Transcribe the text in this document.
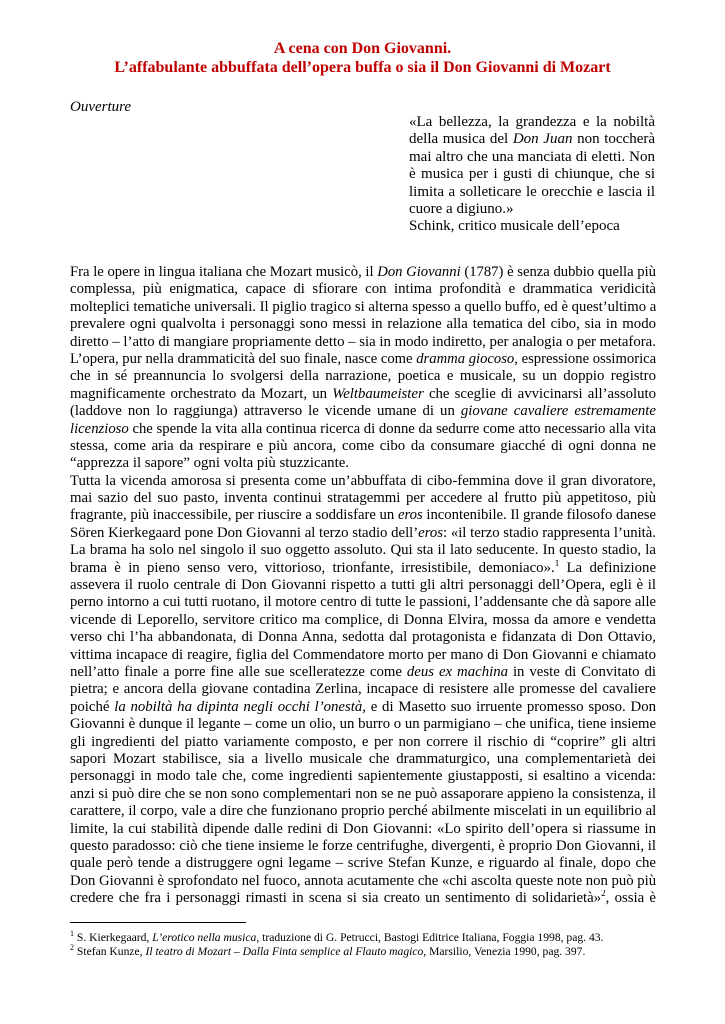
A cena con Don Giovanni.
L’affabulante abbuffata dell’opera buffa o sia il Don Giovanni di Mozart
Ouverture
«La bellezza, la grandezza e la nobiltà
della musica del Don Juan non toccherà
mai altro che una manciata di eletti. Non
è musica per i gusti di chiunque, che si
limita a solleticare le orecchie e lascia il
cuore a digiuno.»
Schink, critico musicale dell’epoca
Fra le opere in lingua italiana che Mozart musicò, il Don Giovanni (1787) è senza dubbio quella più
complessa, più enigmatica, capace di sfiorare con intima profondità e drammatica veridicità
molteplici tematiche universali. Il piglio tragico si alterna spesso a quello buffo, ed è quest’ultimo a
prevalere ogni qualvolta i personaggi sono messi in relazione alla tematica del cibo, sia in modo
diretto – l’atto di mangiare propriamente detto – sia in modo indiretto, per analogia o per metafora.
L’opera, pur nella drammaticità del suo finale, nasce come dramma giocoso, espressione ossimorica
che in sé preannuncia lo svolgersi della narrazione, poetica e musicale, su un doppio registro
magnificamente orchestrato da Mozart, un Weltbaumeister che sceglie di avvicinarsi all’assoluto
(laddove non lo raggiunga) attraverso le vicende umane di un giovane cavaliere estremamente
licenzioso che spende la vita alla continua ricerca di donne da sedurre come atto necessario alla vita
stessa, come aria da respirare e più ancora, come cibo da consumare giacché di ogni donna ne
“apprezza il sapore” ogni volta più stuzzicante.
Tutta la vicenda amorosa si presenta come un’abbuffata di cibo-femmina dove il gran divoratore,
mai sazio del suo pasto, inventa continui stratagemmi per accedere al frutto più appetitoso, più
fragrante, più inaccessibile, per riuscire a soddisfare un eros incontenibile. Il grande filosofo danese
Sören Kierkegaard pone Don Giovanni al terzo stadio dell’eros: «il terzo stadio rappresenta l’unità.
La brama ha solo nel singolo il suo oggetto assoluto. Qui sta il lato seducente. In questo stadio, la
brama è in pieno senso vero, vittorioso, trionfante, irresistibile, demoniaco».$^1$ La definizione
assevera il ruolo centrale di Don Giovanni rispetto a tutti gli altri personaggi dell’Opera, egli è il
perno intorno a cui tutti ruotano, il motore centro di tutte le passioni, l’addensante che dà sapore alle
vicende di Leporello, servitore critico ma complice, di Donna Elvira, mossa da amore e vendetta
verso chi l’ha abbandonata, di Donna Anna, sedotta dal protagonista e fidanzata di Don Ottavio,
vittima incapace di reagire, figlia del Commendatore morto per mano di Don Giovanni e chiamato
nell’atto finale a porre fine alle sue scelleratezze come deus ex machina in veste di Convitato di
pietra; e ancora della giovane contadina Zerlina, incapace di resistere alle promesse del cavaliere
poiché la nobiltà ha dipinta negli occhi l’onestà, e di Masetto suo irruente promesso sposo. Don
Giovanni è dunque il legante – come un olio, un burro o un parmigiano – che unifica, tiene insieme
gli ingredienti del piatto variamente composto, e per non correre il rischio di “coprire” gli altri
sapori Mozart stabilisce, sia a livello musicale che drammaturgico, una complementarietà dei
personaggi in modo tale che, come ingredienti sapientemente giustapposti, si esaltino a vicenda:
anzi si può dire che se non sono complementari non se ne può assaporare appieno la consistenza, il
carattere, il corpo, vale a dire che funzionano proprio perché abilmente miscelati in un equilibrio al
limite, la cui stabilità dipende dalle redini di Don Giovanni: «Lo spirito dell’opera si riassume in
questo paradosso: ciò che tiene insieme le forze centrifughe, divergenti, è proprio Don Giovanni, il
quale però tende a distruggere ogni legame – scrive Stefan Kunze, e riguardo al finale, dopo che
Don Giovanni è sprofondato nel fuoco, annota acutamente che «chi ascolta queste note non può più
credere che fra i personaggi rimasti in scena si sia creato un sentimento di solidarietà»$^2$, ossia è
$^1$ S. Kierkegaard, L’erotico nella musica, traduzione di G. Petrucci, Bastogi Editrice Italiana, Foggia 1998, pag. 43.
$^2$ Stefan Kunze, Il teatro di Mozart – Dalla Finta semplice al Flauto magico, Marsilio, Venezia 1990, pag. 397.
